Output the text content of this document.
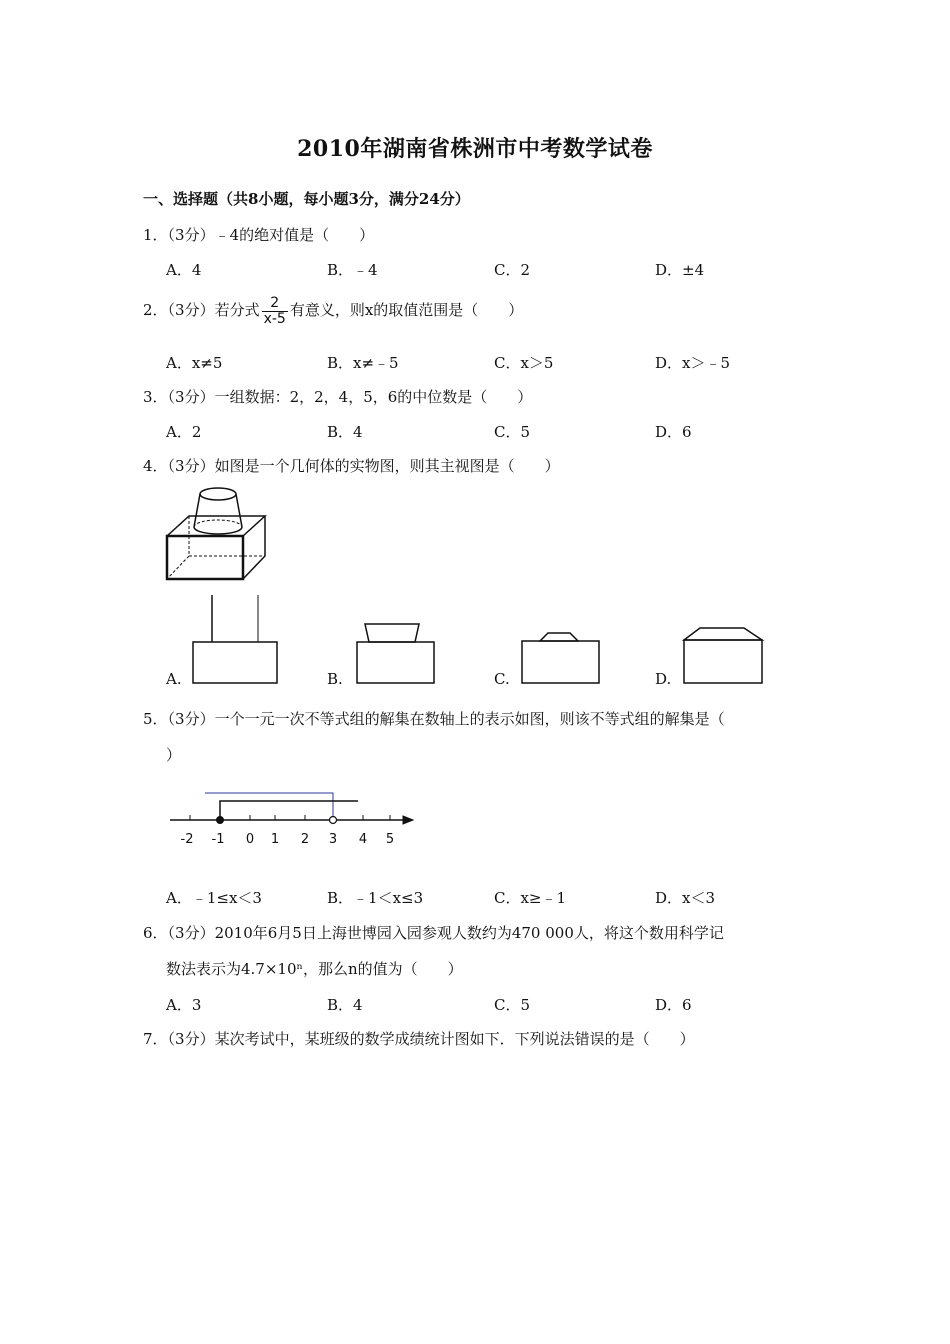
2010年湖南省株洲市中考数学试卷
一、选择题（共8小题，每小题3分，满分24分）
1．（3分）﹣4的绝对值是（　　）
A．4	B．﹣4	C．2	D．±4
2．（3分）若分式 $\frac{2}{x-5}$ 有意义，则x的取值范围是（　　）
A．x≠5	B．x≠﹣5	C．x＞5	D．x＞﹣5
3．（3分）一组数据：2，2，4，5，6的中位数是（　　）
A．2	B．4	C．5	D．6
4．（3分）如图是一个几何体的实物图，则其主视图是（　　）
A.	B.	C.	D.
5．（3分）一个一元一次不等式组的解集在数轴上的表示如图，则该不等式组的解集是（
）
-2 -1 0 1 2 3 4 5
A．﹣1≤x＜3	B．﹣1＜x≤3	C．x≥﹣1	D．x＜3
6．（3分）2010年6月5日上海世博园入园参观人数约为470 000人，将这个数用科学记
数法表示为4.7×10ⁿ，那么n的值为（　　）
A．3	B．4	C．5	D．6
7．（3分）某次考试中，某班级的数学成绩统计图如下．下列说法错误的是（　　）
